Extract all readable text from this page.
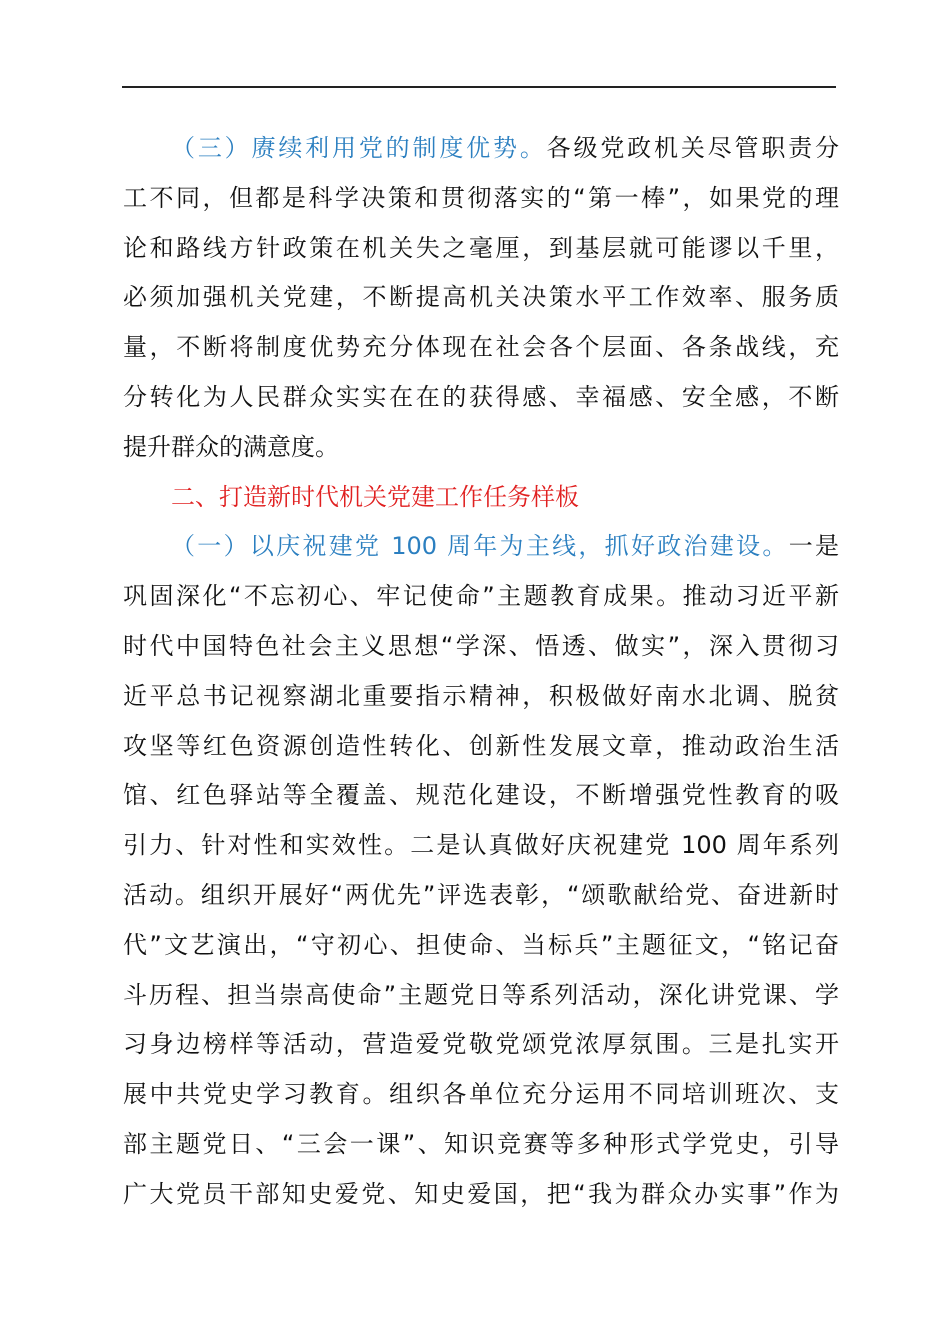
（三）赓续利用党的制度优势。各级党政机关尽管职责分
工不同，但都是科学决策和贯彻落实的“第一棒”，如果党的理
论和路线方针政策在机关失之毫厘，到基层就可能谬以千里，
必须加强机关党建，不断提高机关决策水平工作效率、服务质
量，不断将制度优势充分体现在社会各个层面、各条战线，充
分转化为人民群众实实在在的获得感、幸福感、安全感，不断
提升群众的满意度。
二、打造新时代机关党建工作任务样板
（一）以庆祝建党 100 周年为主线，抓好政治建设。一是
巩固深化“不忘初心、牢记使命”主题教育成果。推动习近平新
时代中国特色社会主义思想“学深、悟透、做实”，深入贯彻习
近平总书记视察湖北重要指示精神，积极做好南水北调、脱贫
攻坚等红色资源创造性转化、创新性发展文章，推动政治生活
馆、红色驿站等全覆盖、规范化建设，不断增强党性教育的吸
引力、针对性和实效性。二是认真做好庆祝建党 100 周年系列
活动。组织开展好“两优先”评选表彰，“颂歌献给党、奋进新时
代”文艺演出，“守初心、担使命、当标兵”主题征文，“铭记奋
斗历程、担当崇高使命”主题党日等系列活动，深化讲党课、学
习身边榜样等活动，营造爱党敬党颂党浓厚氛围。三是扎实开
展中共党史学习教育。组织各单位充分运用不同培训班次、支
部主题党日、“三会一课”、知识竞赛等多种形式学党史，引导
广大党员干部知史爱党、知史爱国，把“我为群众办实事”作为
